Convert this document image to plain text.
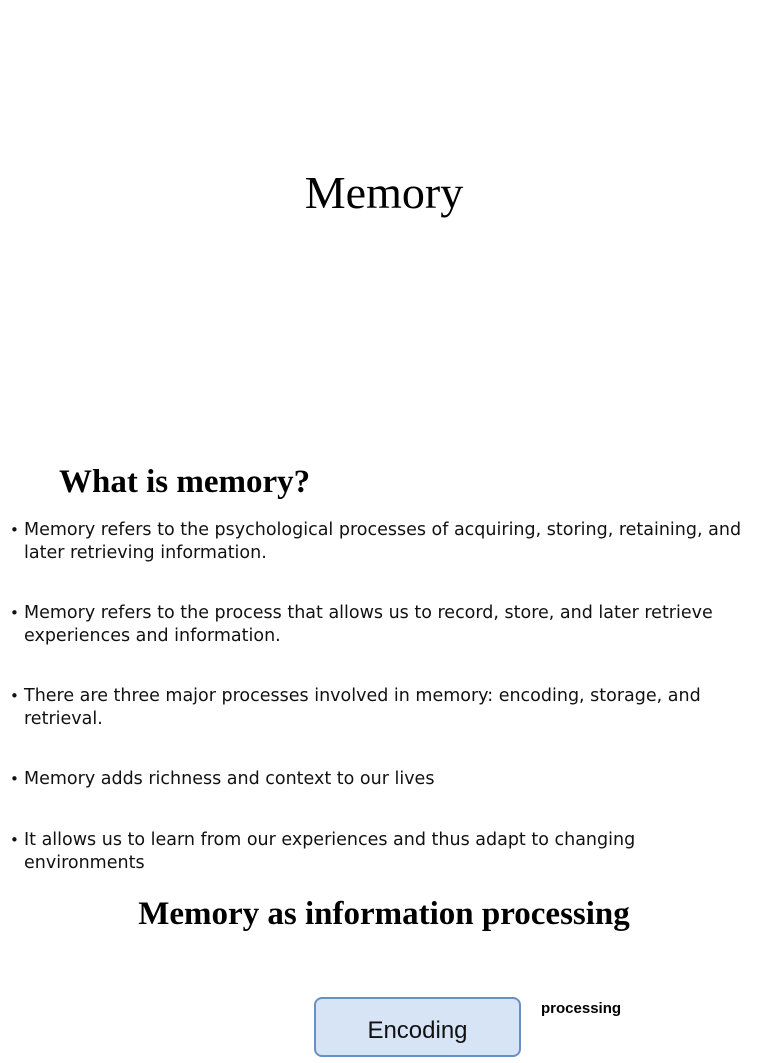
Memory
What is memory?
• Memory refers to the psychological processes of acquiring, storing, retaining, and later retrieving information.
• Memory refers to the process that allows us to record, store, and later retrieve experiences and information.
• There are three major processes involved in memory: encoding, storage, and retrieval.
• Memory adds richness and context to our lives
• It allows us to learn from our experiences and thus adapt to changing environments
Memory as information processing
Encoding
processing
